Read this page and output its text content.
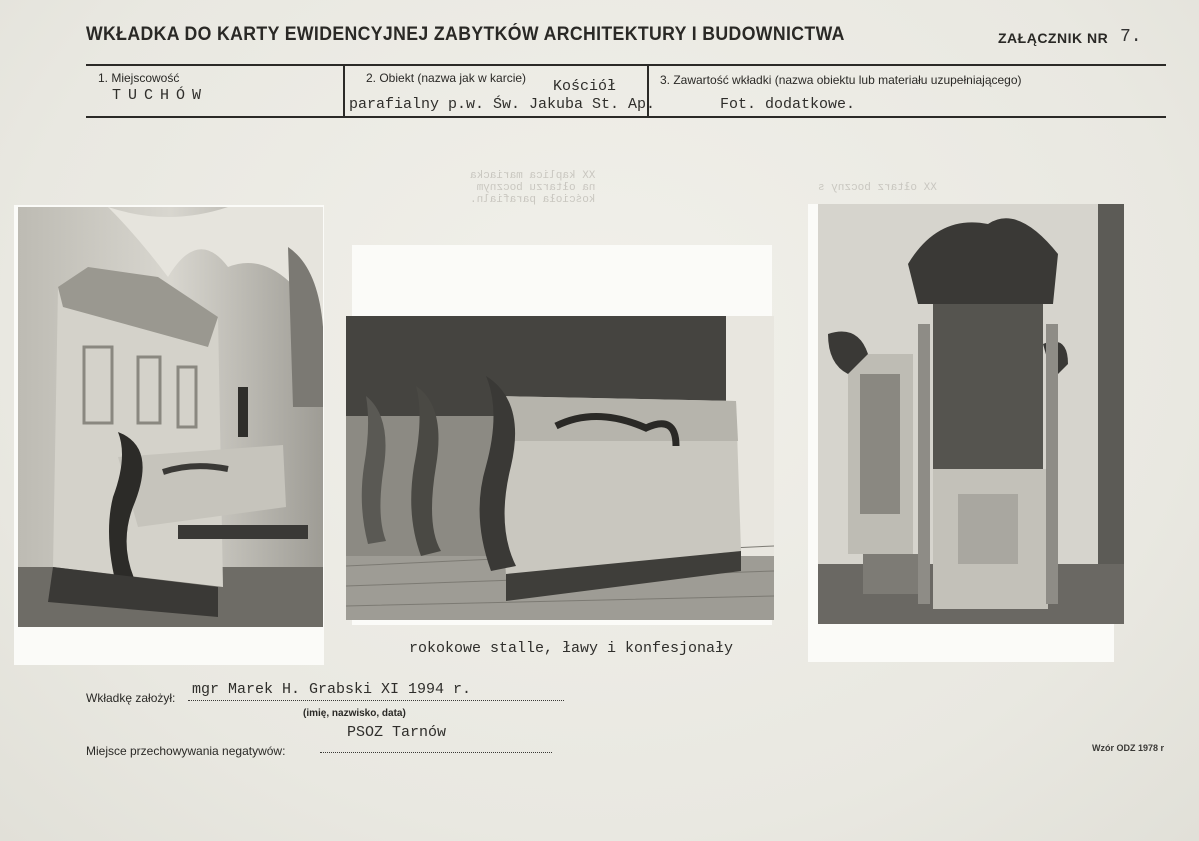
XX kaplica mariacka
na ołtarzu bocznym
kościoła parafialn.
XX ołtarz boczny s
WKŁADKA DO KARTY EWIDENCYJNEJ ZABYTKÓW ARCHITEKTURY I BUDOWNICTWA	ZAŁĄCZNIK NR 7.
1. Miejscowość
TUCHÓW
2. Obiekt (nazwa jak w karcie) Kościół
parafialny p.w. Św. Jakuba St. Ap.
3. Zawartość wkładki (nazwa obiektu lub materiału uzupełniającego)
Fot. dodatkowe.
rokokowe stalle, ławy i konfesjonały
Wkładkę założył: mgr Marek H. Grabski XI 1994 r.
(imię, nazwisko, data)
Miejsce przechowywania negatywów:
PSOZ Tarnów
Wzór ODZ 1978 r
